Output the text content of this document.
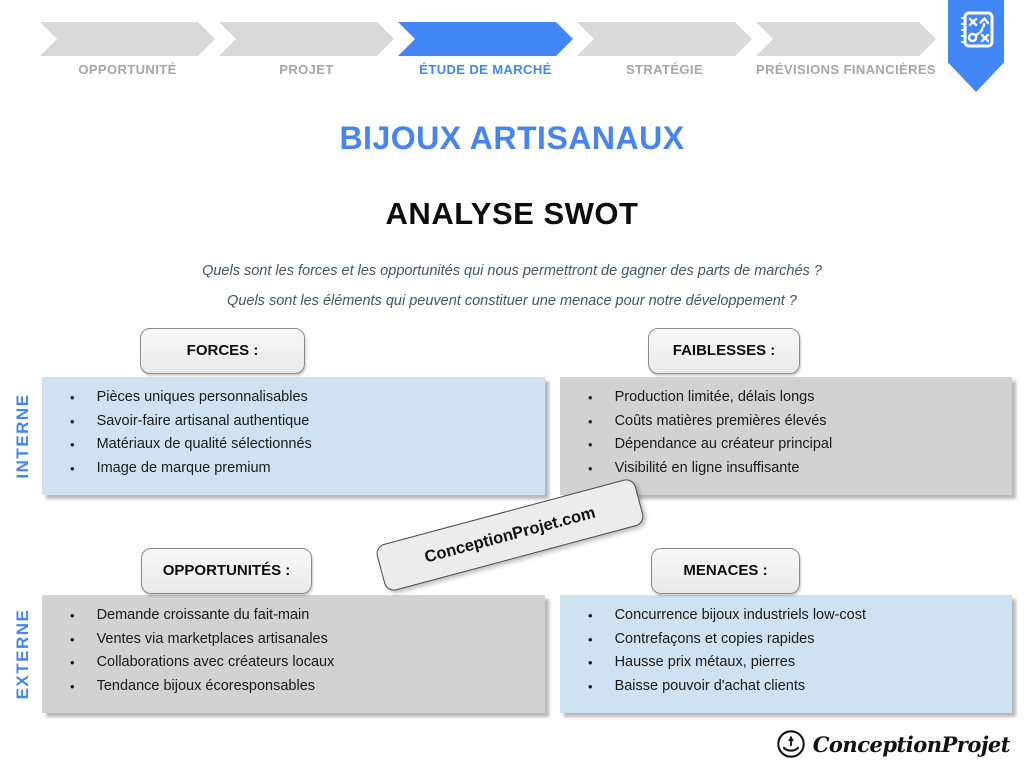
OPPORTUNITÉ	PROJET	ÉTUDE DE MARCHÉ	STRATÉGIE	PRÉVISIONS FINANCIÈRES
BIJOUX ARTISANAUX
ANALYSE SWOT
Quels sont les forces et les opportunités qui nous permettront de gagner des parts de marchés ?
Quels sont les éléments qui peuvent constituer une menace pour notre développement ?
INTERNE
EXTERNE
FORCES :	FAIBLESSES :
OPPORTUNITÉS :	MENACES :
• Pièces uniques personnalisables
• Savoir-faire artisanal authentique
• Matériaux de qualité sélectionnés
• Image de marque premium
• Production limitée, délais longs
• Coûts matières premières élevés
• Dépendance au créateur principal
• Visibilité en ligne insuffisante
• Demande croissante du fait-main
• Ventes via marketplaces artisanales
• Collaborations avec créateurs locaux
• Tendance bijoux écoresponsables
• Concurrence bijoux industriels low-cost
• Contrefaçons et copies rapides
• Hausse prix métaux, pierres
• Baisse pouvoir d'achat clients
ConceptionProjet.com
ConceptionProjet
